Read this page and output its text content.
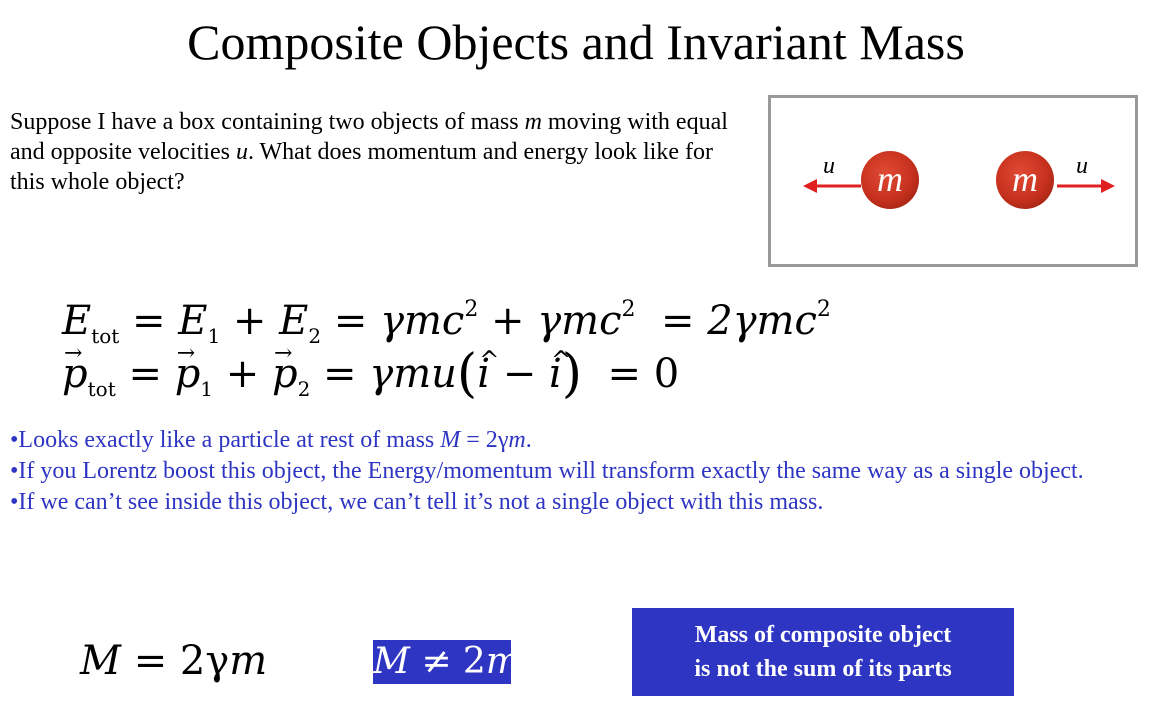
Composite Objects and Invariant Mass
Suppose I have a box containing two objects of mass m moving with equal and opposite velocities u. What does momentum and energy look like for this whole object?
u	m	m	u
$E_{tot} = E_1 + E_2 = \gamma mc^2 + \gamma mc^2 = 2\gamma mc^2$
→ $p_{tot}$ = → $p_1$ + → $p_2$ = γmu(^ i − ^ i)  = 0

•Looks exactly like a particle at rest of mass M = 2γm.

•If you Lorentz boost this object, the Energy/momentum will transform exactly the same way as a single object.

•If we can’t see inside this object, we can’t tell it’s not a single object with this mass.

M = 2γm	M ≠ 2m
Mass of composite object
is not the sum of its parts
